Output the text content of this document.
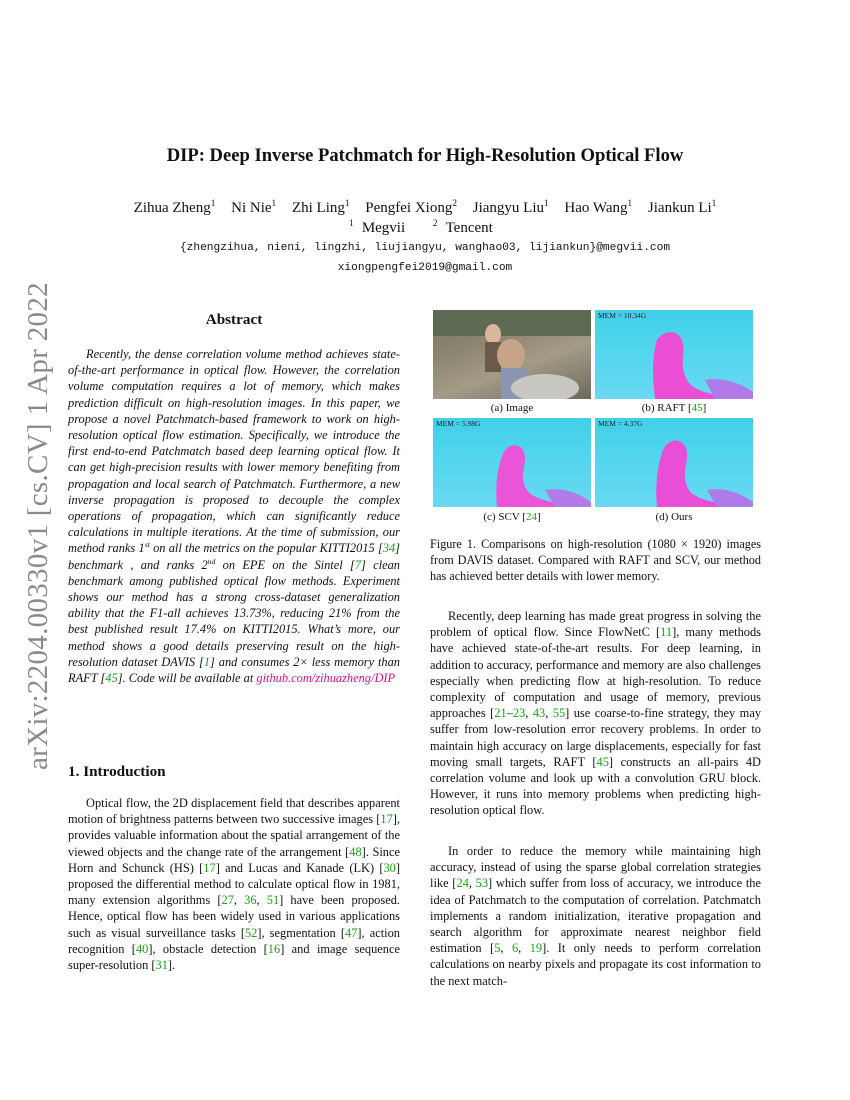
arXiv:2204.00330v1 [cs.CV] 1 Apr 2022
DIP: Deep Inverse Patchmatch for High-Resolution Optical Flow
Zihua Zheng$^1$ Ni Nie$^1$ Zhi Ling$^1$ Pengfei Xiong$^2$ Jiangyu Liu$^1$ Hao Wang$^1$ Jiankun Li$^1$
$^1$ Megvii	$^2$ Tencent
{zhengzihua, nieni, lingzhi, liujiangyu, wanghao03, lijiankun}@megvii.com
xiongpengfei2019@gmail.com
Abstract

Recently, the dense correlation volume method achieves state-of-the-art performance in optical flow. However, the correlation volume computation requires a lot of memory, which makes prediction difficult on high-resolution images. In this paper, we propose a novel Patchmatch-based framework to work on high-resolution optical flow estimation. Specifically, we introduce the first end-to-end Patchmatch based deep learning optical flow. It can get high-precision results with lower memory benefiting from propagation and local search of Patchmatch. Furthermore, a new inverse propagation is proposed to decouple the complex operations of propagation, which can significantly reduce calculations in multiple iterations. At the time of submission, our method ranks 1st on all the metrics on the popular KITTI2015 [34] benchmark , and ranks 2nd on EPE on the Sintel [7] clean benchmark among published optical flow methods. Experiment shows our method has a strong cross-dataset generalization ability that the F1-all achieves 13.73%, reducing 21% from the best published result 17.4% on KITTI2015. What’s more, our method shows a good details preserving result on the high-resolution dataset DAVIS [1] and consumes 2× less memory than RAFT [45]. Code will be available at github.com/zihuazheng/DIP

1. Introduction

Optical flow, the 2D displacement field that describes apparent motion of brightness patterns between two successive images [17], provides valuable information about the spatial arrangement of the viewed objects and the change rate of the arrangement [48]. Since Horn and Schunck (HS) [17] and Lucas and Kanade (LK) [30] proposed the differential method to calculate optical flow in 1981, many extension algorithms [27, 36, 51] have been proposed. Hence, optical flow has been widely used in various applications such as visual surveillance tasks [52], segmentation [47], action recognition [40], obstacle detection [16] and image sequence super-resolution [31].

(a) Image
MEM = 10.34G
(b) RAFT [45]
MEM = 5.98G
(c) SCV [24]
MEM = 4.37G
(d) Ours
Figure 1. Comparisons on high-resolution (1080 × 1920) images from DAVIS dataset. Compared with RAFT and SCV, our method has achieved better details with lower memory.

Recently, deep learning has made great progress in solving the problem of optical flow. Since FlowNetC [11], many methods have achieved state-of-the-art results. For deep learning, in addition to accuracy, performance and memory are also challenges especially when predicting flow at high-resolution. To reduce complexity of computation and usage of memory, previous approaches [21–23, 43, 55] use coarse-to-fine strategy, they may suffer from low-resolution error recovery problems. In order to maintain high accuracy on large displacements, especially for fast moving small targets, RAFT [45] constructs an all-pairs 4D correlation volume and look up with a convolution GRU block. However, it runs into memory problems when predicting high-resolution optical flow.

In order to reduce the memory while maintaining high accuracy, instead of using the sparse global correlation strategies like [24, 53] which suffer from loss of accuracy, we introduce the idea of Patchmatch to the computation of correlation. Patchmatch implements a random initialization, iterative propagation and search algorithm for approximate nearest neighbor field estimation [5, 6, 19]. It only needs to perform correlation calculations on nearby pixels and propagate its cost information to the next match-
